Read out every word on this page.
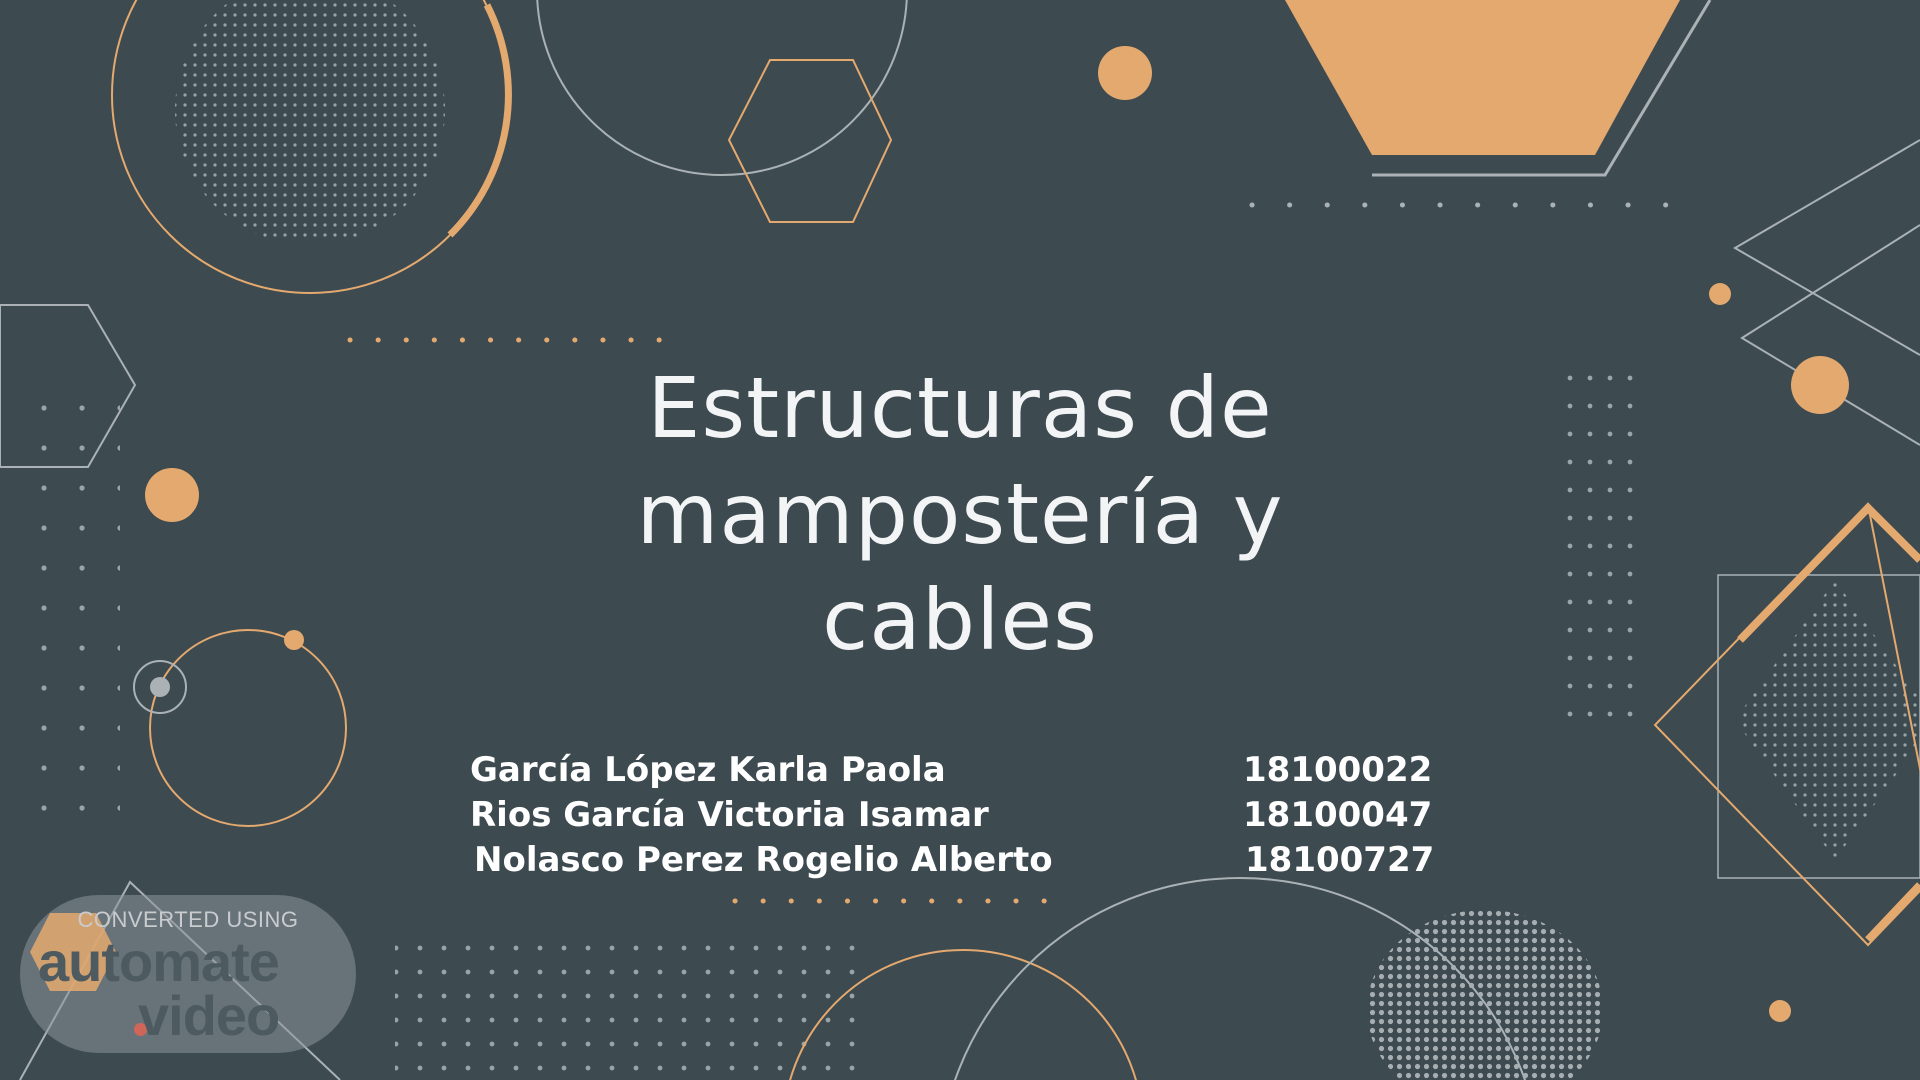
Estructuras de
mampostería y
cables
García López Karla Paola	18100022
Rios García Victoria Isamar	18100047
Nolasco Perez Rogelio Alberto	18100727
CONVERTED USING
automate
video
